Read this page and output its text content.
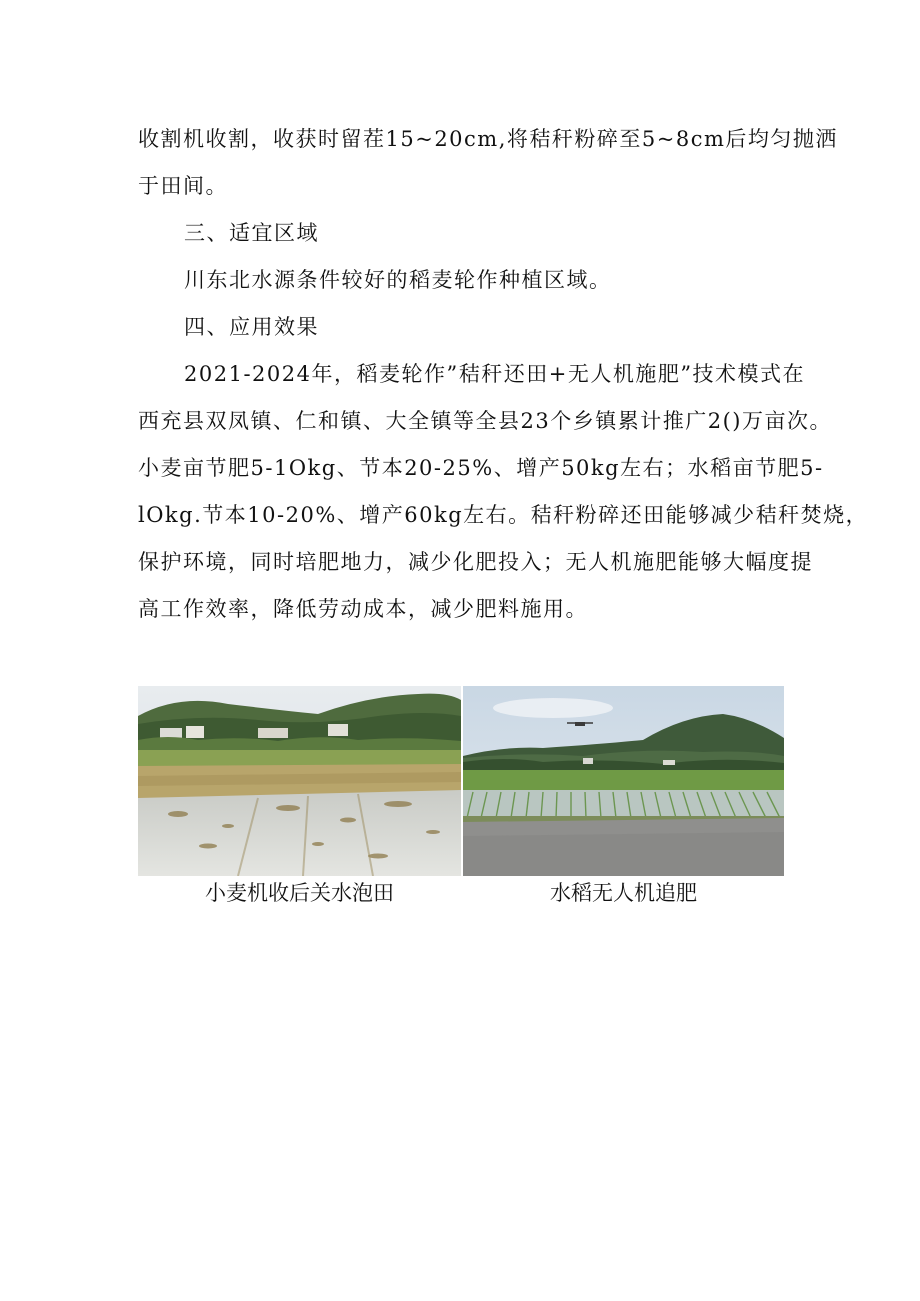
收割机收割，收获时留茬15~20cm,将秸秆粉碎至5~8cm后均匀抛洒
于田间。
三、适宜区域
川东北水源条件较好的稻麦轮作种植区域。
四、应用效果
2021-2024年，稻麦轮作”秸秆还田+无人机施肥”技术模式在
西充县双凤镇、仁和镇、大全镇等全县23个乡镇累计推广2()万亩次。
小麦亩节肥5-1Okg、节本20-25%、增产50kg左右；水稻亩节肥5-
lOkg.节本10-20%、增产60kg左右。秸秆粉碎还田能够减少秸秆焚烧，
保护环境，同时培肥地力，减少化肥投入；无人机施肥能够大幅度提
高工作效率，降低劳动成本，减少肥料施用。
小麦机收后关水泡田	水稻无人机追肥
